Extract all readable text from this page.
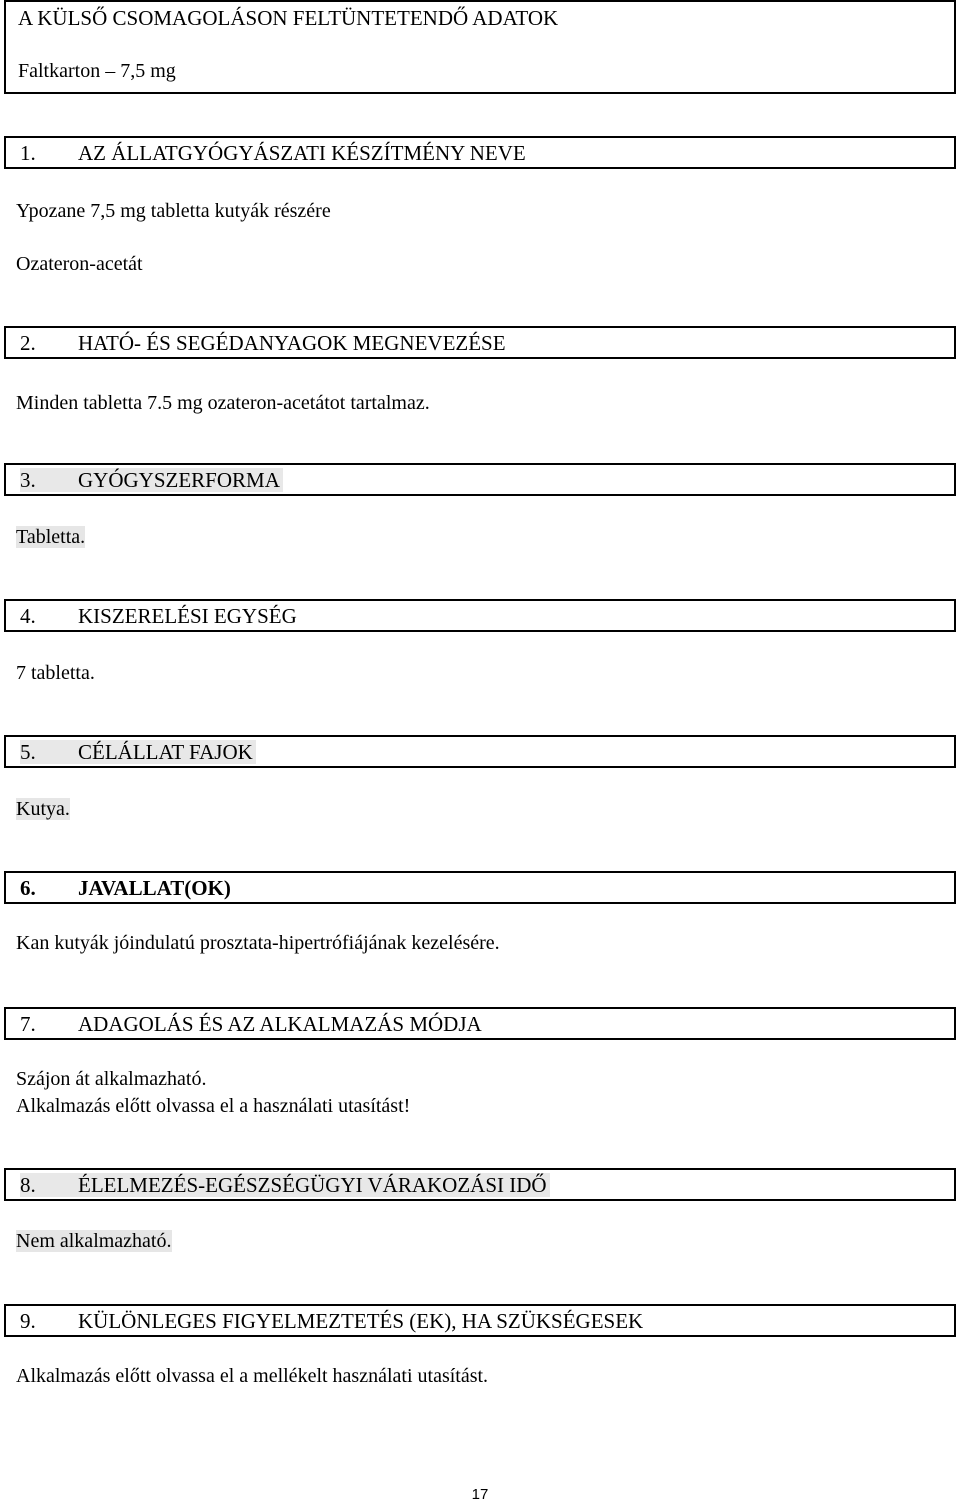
A KÜLSŐ CSOMAGOLÁSON FELTÜNTETENDŐ ADATOK
Faltkarton – 7,5 mg
1. AZ ÁLLATGYÓGYÁSZATI KÉSZÍTMÉNY NEVE
Ypozane 7,5 mg tabletta kutyák részére
Ozateron-acetát
2. HATÓ- ÉS SEGÉDANYAGOK MEGNEVEZÉSE
Minden tabletta 7.5 mg ozateron-acetátot tartalmaz.
3. GYÓGYSZERFORMA
Tabletta.
4. KISZERELÉSI EGYSÉG
7 tabletta.
5. CÉLÁLLAT FAJOK
Kutya.
6. JAVALLAT(OK)
Kan kutyák jóindulatú prosztata-hipertrófiájának kezelésére.
7. ADAGOLÁS ÉS AZ ALKALMAZÁS MÓDJA
Szájon át alkalmazható.
Alkalmazás előtt olvassa el a használati utasítást!
8. ÉLELMEZÉS-EGÉSZSÉGÜGYI VÁRAKOZÁSI IDŐ
Nem alkalmazható.
9. KÜLÖNLEGES FIGYELMEZTETÉS (EK), HA SZÜKSÉGESEK
Alkalmazás előtt olvassa el a mellékelt használati utasítást.
17
